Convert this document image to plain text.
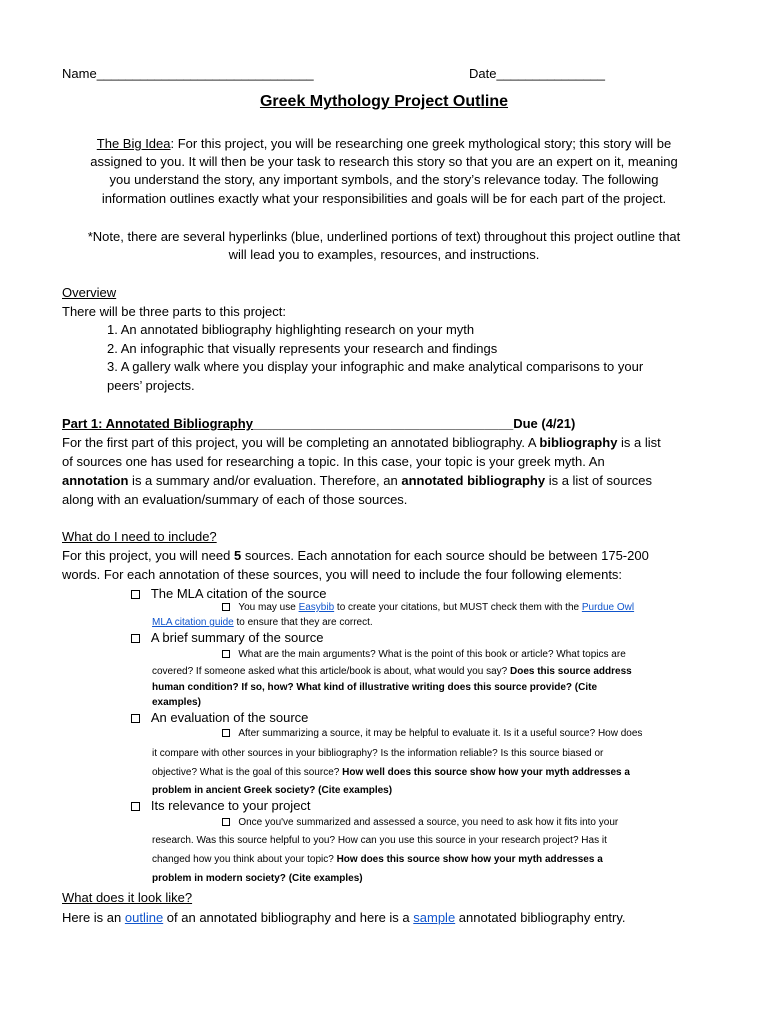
Name______________________________	Date_______________
Greek Mythology Project Outline
The Big Idea: For this project, you will be researching one greek mythological story; this story will be
assigned to you. It will then be your task to research this story so that you are an expert on it, meaning
you understand the story, any important symbols, and the story’s relevance today. The following
information outlines exactly what your responsibilities and goals will be for each part of the project.
*Note, there are several hyperlinks (blue, underlined portions of text) throughout this project outline that
will lead you to examples, resources, and instructions.
Overview
There will be three parts to this project:
1. An annotated bibliography highlighting research on your myth
2. An infographic that visually represents your research and findings
3. A gallery walk where you display your infographic and make analytical comparisons to your
peers’ projects.
Part 1: Annotated Bibliography____________________________________Due (4/21)
For the first part of this project, you will be completing an annotated bibliography. A bibliography is a list
of sources one has used for researching a topic. In this case, your topic is your greek myth. An
annotation is a summary and/or evaluation. Therefore, an annotated bibliography is a list of sources
along with an evaluation/summary of each of those sources.
What do I need to include?
For this project, you will need 5 sources. Each annotation for each source should be between 175-200
words. For each annotation of these sources, you will need to include the four following elements:
The MLA citation of the source
You may use Easybib to create your citations, but MUST check them with the Purdue Owl
MLA citation guide to ensure that they are correct.
A brief summary of the source
What are the main arguments? What is the point of this book or article? What topics are
covered? If someone asked what this article/book is about, what would you say? Does this source address
human condition? If so, how? What kind of illustrative writing does this source provide? (Cite
examples)
An evaluation of the source
After summarizing a source, it may be helpful to evaluate it. Is it a useful source? How does
it compare with other sources in your bibliography? Is the information reliable? Is this source biased or
objective? What is the goal of this source? How well does this source show how your myth addresses a
problem in ancient Greek society? (Cite examples)
Its relevance to your project
Once you've summarized and assessed a source, you need to ask how it fits into your
research. Was this source helpful to you? How can you use this source in your research project? Has it
changed how you think about your topic? How does this source show how your myth addresses a
problem in modern society? (Cite examples)
What does it look like?
Here is an outline of an annotated bibliography and here is a sample annotated bibliography entry.
